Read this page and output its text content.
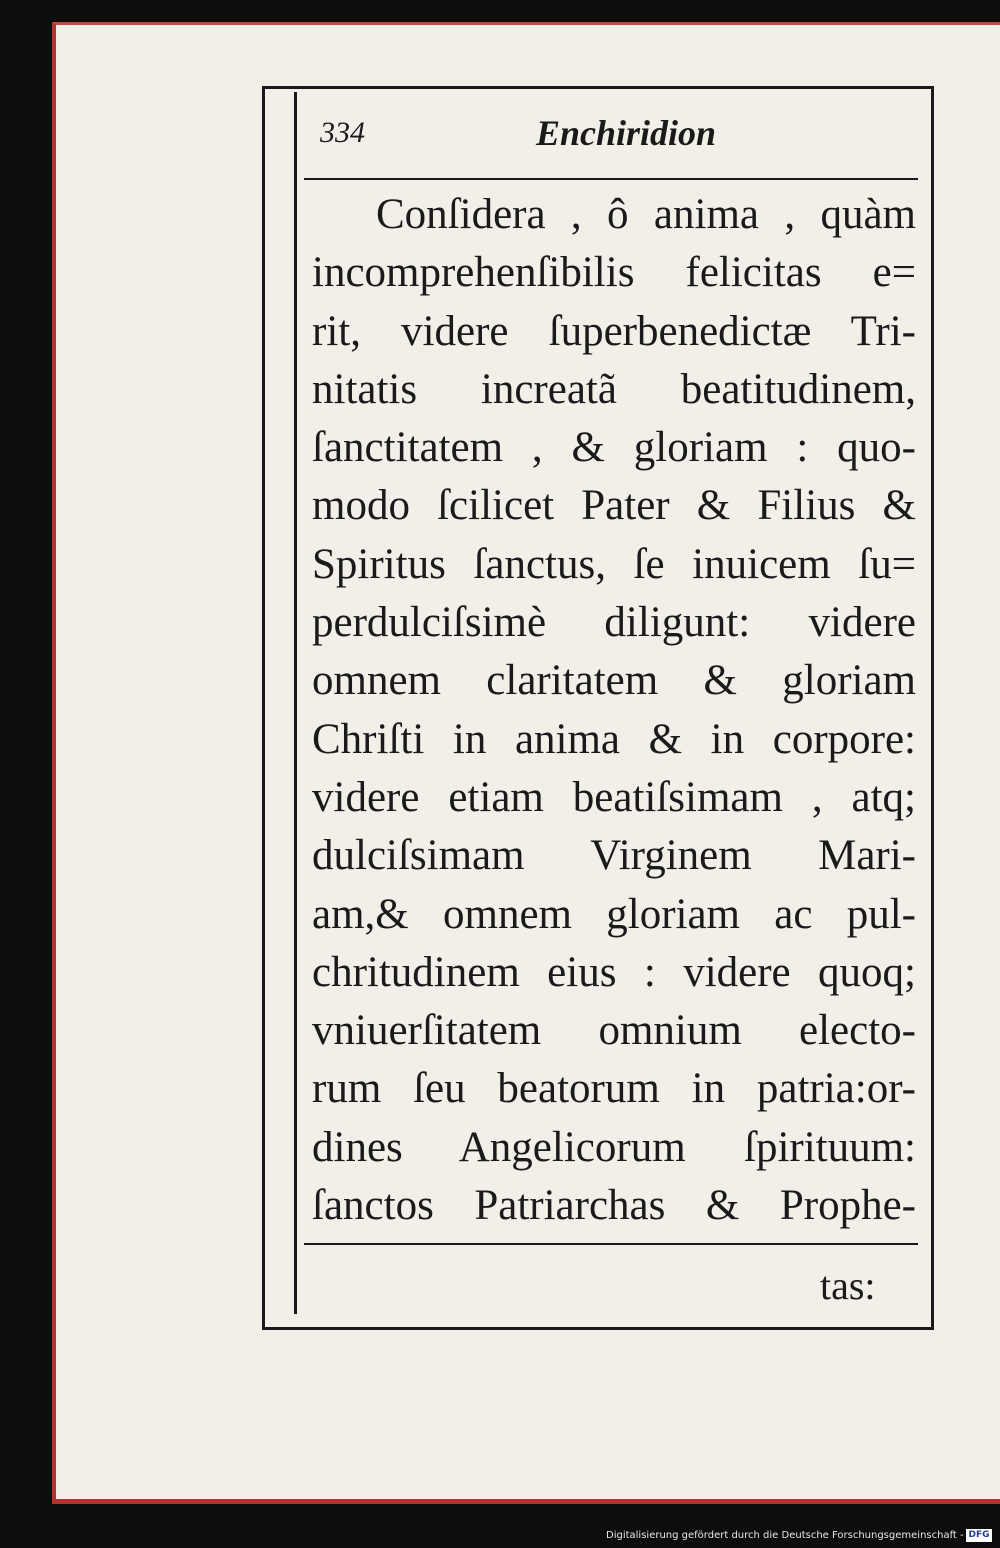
334	Enchiridion
Conſidera , ô anima , quàm
incomprehenſibilis felicitas e=
rit, videre ſuperbenedictæ Tri-
nitatis increatã beatitudinem,
ſanctitatem , & gloriam : quo-
modo ſcilicet Pater & Filius &
Spiritus ſanctus, ſe inuicem ſu=
perdulciſsimè diligunt: videre
omnem claritatem & gloriam
Chriſti in anima & in corpore:
videre etiam beatiſsimam , atq;
dulciſsimam Virginem Mari-
am,& omnem gloriam ac pul-
chritudinem eius : videre quoq;
vniuerſitatem omnium electo-
rum ſeu beatorum in patria:or-
dines Angelicorum ſpirituum:
ſanctos Patriarchas & Prophe-
tas:
Digitalisierung gefördert durch die Deutsche Forschungsgemeinschaft - DFG
